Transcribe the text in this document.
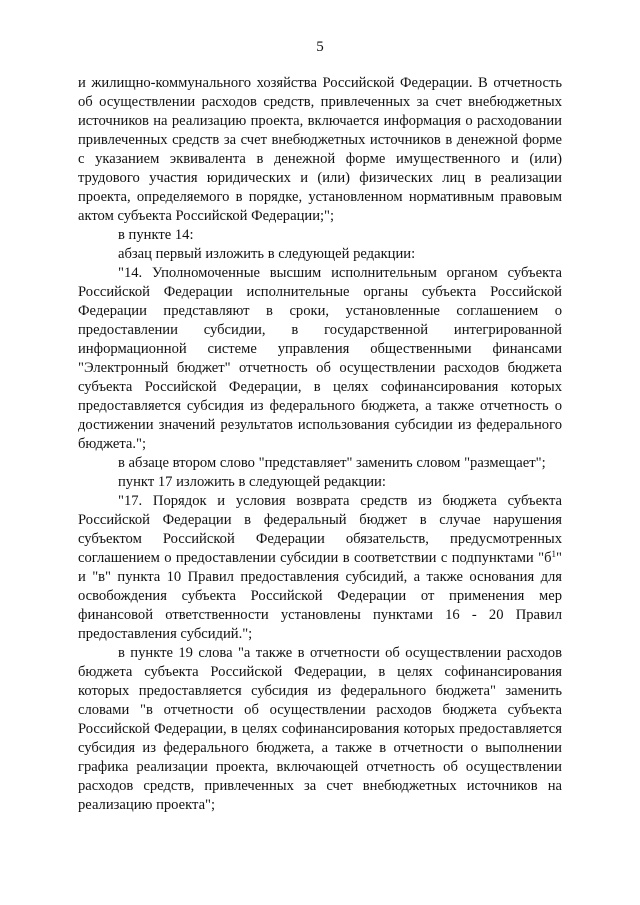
5

и жилищно-коммунального хозяйства Российской Федерации. В отчетность об осуществлении расходов средств, привлеченных за счет внебюджетных источников на реализацию проекта, включается информация о расходовании привлеченных средств за счет внебюджетных источников в денежной форме с указанием эквивалента в денежной форме имущественного и (или) трудового участия юридических и (или) физических лиц в реализации проекта, определяемого в порядке, установленном нормативным правовым актом субъекта Российской Федерации;";

в пункте 14:

абзац первый изложить в следующей редакции:

"14. Уполномоченные высшим исполнительным органом субъекта Российской Федерации исполнительные органы субъекта Российской Федерации представляют в сроки, установленные соглашением о предоставлении субсидии, в государственной интегрированной информационной системе управления общественными финансами "Электронный бюджет" отчетность об осуществлении расходов бюджета субъекта Российской Федерации, в целях софинансирования которых предоставляется субсидия из федерального бюджета, а также отчетность о достижении значений результатов использования субсидии из федерального бюджета.";

в абзаце втором слово "представляет" заменить словом "размещает";

пункт 17 изложить в следующей редакции:

"17. Порядок и условия возврата средств из бюджета субъекта Российской Федерации в федеральный бюджет в случае нарушения субъектом Российской Федерации обязательств, предусмотренных соглашением о предоставлении субсидии в соответствии с подпунктами "$б^1$" и "в" пункта 10 Правил предоставления субсидий, а также основания для освобождения субъекта Российской Федерации от применения мер финансовой ответственности установлены пунктами 16 - 20 Правил предоставления субсидий.";

в пункте 19 слова "а также в отчетности об осуществлении расходов бюджета субъекта Российской Федерации, в целях софинансирования которых предоставляется субсидия из федерального бюджета" заменить словами "в отчетности об осуществлении расходов бюджета субъекта Российской Федерации, в целях софинансирования которых предоставляется субсидия из федерального бюджета, а также в отчетности о выполнении графика реализации проекта, включающей отчетность об осуществлении расходов средств, привлеченных за счет внебюджетных источников на реализацию проекта";
